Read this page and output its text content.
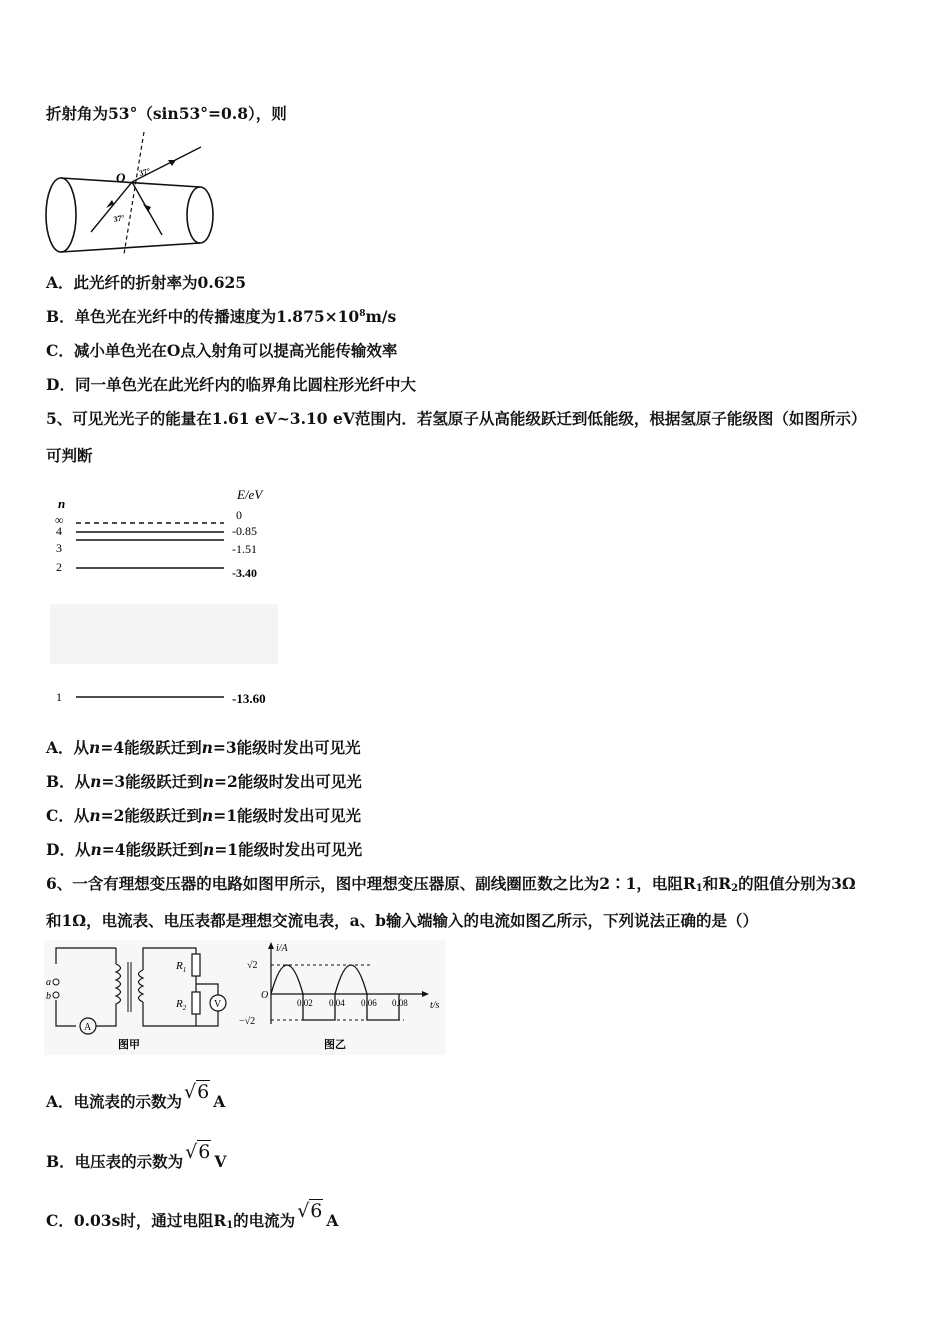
折射角为53°（sin53°=0.8），则
O 37°
37°
A．此光纤的折射率为0.625
B．单色光在光纤中的传播速度为$1.875\times 10^8m/s$
C．减小单色光在O点入射角可以提高光能传输效率
D．同一单色光在此光纤内的临界角比圆柱形光纤中大
5、可见光光子的能量在1.61 eV~3.10 eV范围内．若氢原子从高能级跃迁到低能级，根据氢原子能级图（如图所示）
可判断
n
E/eV
∞	0
4	-0.85
3	-1.51
2	-3.40
1	-13.60
A．从n=4能级跃迁到n=3能级时发出可见光
B．从n=3能级跃迁到n=2能级时发出可见光
C．从n=2能级跃迁到n=1能级时发出可见光
D．从n=4能级跃迁到n=1能级时发出可见光
6、一含有理想变压器的电路如图甲所示，图中理想变压器原、副线圈匝数之比为2∶1，电阻$R_1$和$R_2$的阻值分别为3Ω
和1Ω，电流表、电压表都是理想交流电表，a、b输入端输入的电流如图乙所示，下列说法正确的是（）
A
a
b
$R_1$
$R_2$	V
图甲
i/A
t/s
O
√2
−√2
0.02 0.04 0.06 0.08
图乙
A．电流表的示数为 √6 A
B．电压表的示数为 √6 V
C．0.03s时，通过电阻$R_1$的电流为 √6 A
